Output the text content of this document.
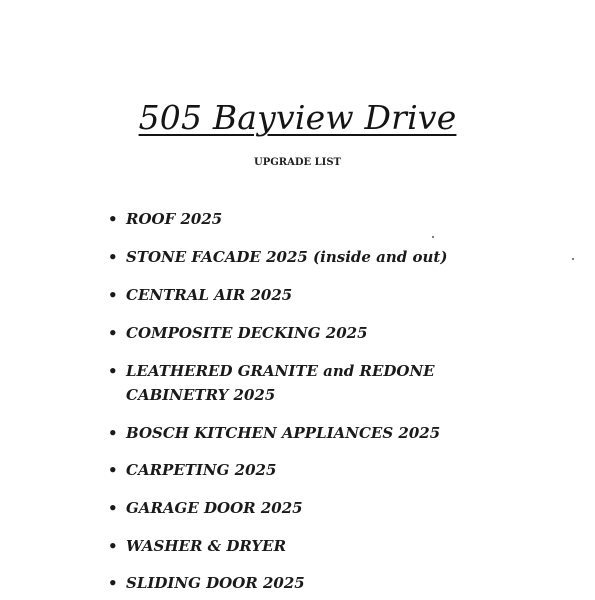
505 Bayview Drive
UPGRADE LIST
• ROOF 2025
• STONE FACADE 2025 (inside and out)
• CENTRAL AIR 2025
• COMPOSITE DECKING 2025
• LEATHERED GRANITE and REDONE CABINETRY 2025
• BOSCH KITCHEN APPLIANCES 2025
• CARPETING 2025
• GARAGE DOOR 2025
• WASHER & DRYER
• SLIDING DOOR 2025
